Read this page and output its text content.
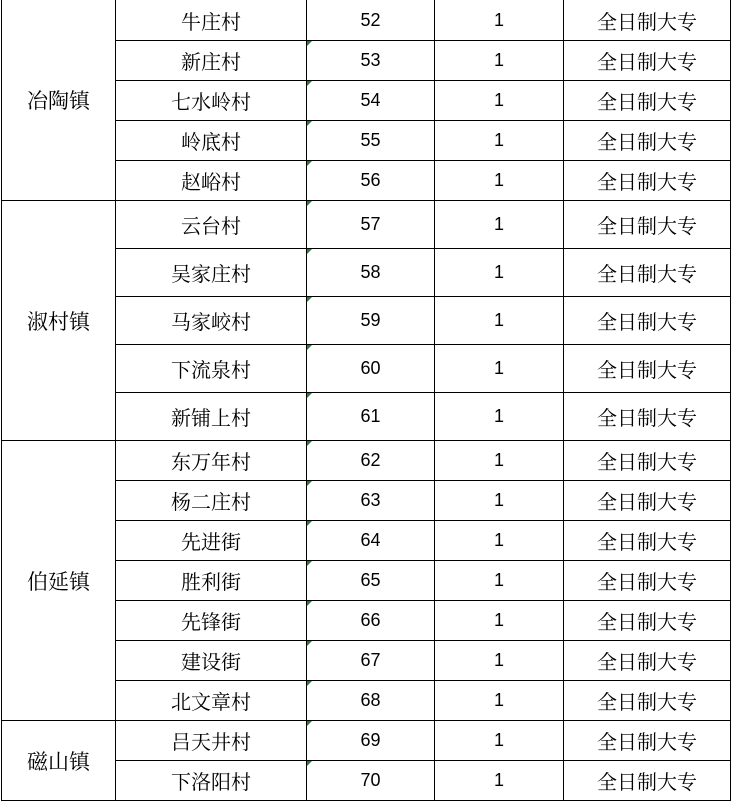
冶陶镇	牛庄村	52	1	全日制大专
	新庄村	53	1	全日制大专
	七水岭村	54	1	全日制大专
	岭底村	55	1	全日制大专
	赵峪村	56	1	全日制大专
淑村镇	云台村	57	1	全日制大专
	吴家庄村	58	1	全日制大专
	马家峧村	59	1	全日制大专
	下流泉村	60	1	全日制大专
	新铺上村	61	1	全日制大专
伯延镇	东万年村	62	1	全日制大专
	杨二庄村	63	1	全日制大专
	先进街	64	1	全日制大专
	胜利街	65	1	全日制大专
	先锋街	66	1	全日制大专
	建设街	67	1	全日制大专
	北文章村	68	1	全日制大专
磁山镇	吕天井村	69	1	全日制大专
	下洛阳村	70	1	全日制大专
